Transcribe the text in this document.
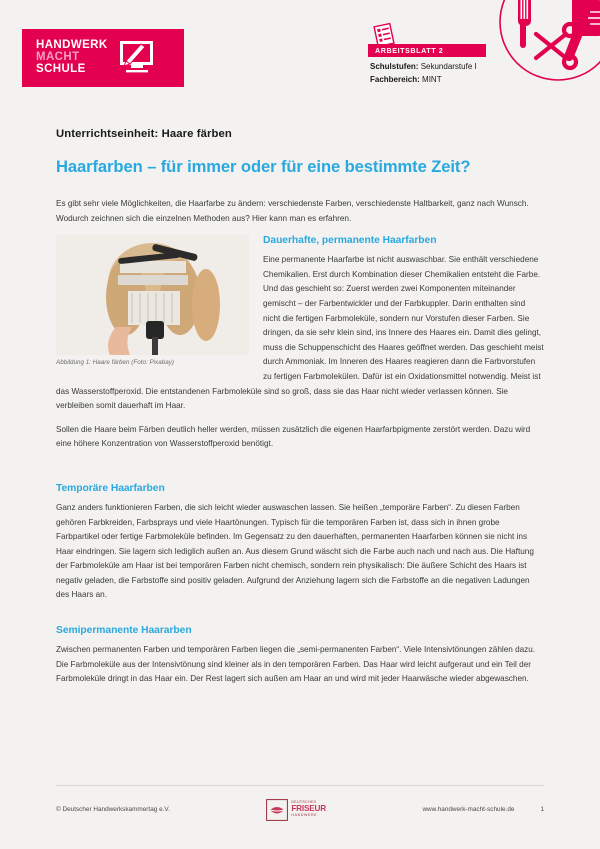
HANDWERK
MACHT
SCHULE
ARBEITSBLATT 2
Schulstufen: Sekundarstufe I
Fachbereich: MINT
Unterrichtseinheit: Haare färben
Haarfarben – für immer oder für eine bestimmte Zeit?

Es gibt sehr viele Möglichkeiten, die Haarfarbe zu ändern: verschiedenste Farben, verschiedenste Haltbarkeit, ganz nach Wunsch. Wodurch zeichnen sich die einzelnen Methoden aus? Hier kann man es erfahren.

Abbildung 1: Haare färben (Foto: Pixabay)
Dauerhafte, permanente Haarfarben

Eine permanente Haarfarbe ist nicht auswaschbar. Sie enthält verschiedene Chemikalien. Erst durch Kombination dieser Chemikalien entsteht die Farbe. Und das geschieht so: Zuerst werden zwei Komponenten miteinander gemischt – der Farbentwickler und der Farbkuppler. Darin enthalten sind nicht die fertigen Farbmoleküle, sondern nur Vorstufen dieser Farben. Sie dringen, da sie sehr klein sind, ins Innere des Haares ein. Damit dies gelingt, muss die Schuppenschicht des Haares geöffnet werden. Das geschieht meist durch Ammoniak. Im Inneren des Haares reagieren dann die Farbvorstufen zu fertigen Farbmolekülen. Dafür ist ein Oxidationsmittel notwendig. Meist ist das Wasserstoffperoxid. Die entstandenen Farbmoleküle sind so groß, dass sie das Haar nicht wieder verlassen können. Sie verbleiben somit dauerhaft im Haar.

Sollen die Haare beim Färben deutlich heller werden, müssen zusätzlich die eigenen Haarfarbpigmente zerstört werden. Dazu wird eine höhere Konzentration von Wasserstoffperoxid benötigt.

Temporäre Haarfarben

Ganz anders funktionieren Farben, die sich leicht wieder auswaschen lassen. Sie heißen „temporäre Farben“. Zu diesen Farben gehören Farbkreiden, Farbsprays und viele Haartönungen. Typisch für die temporären Farben ist, dass sich in ihnen grobe Farbpartikel oder fertige Farbmoleküle befinden. Im Gegensatz zu den dauerhaften, permanenten Haarfarben können sie nicht ins Haar eindringen. Sie lagern sich lediglich außen an. Aus diesem Grund wäscht sich die Farbe auch nach und nach aus. Die Haftung der Farbmoleküle am Haar ist bei temporären Farben nicht chemisch, sondern rein physikalisch: Die äußere Schicht des Haars ist negativ geladen, die Farbstoffe sind positiv geladen. Aufgrund der Anziehung lagern sich die Farbstoffe an die negativen Ladungen des Haars an.

Semipermanente Haararben

Zwischen permanenten Farben und temporären Farben liegen die „semi-permanenten Farben“. Viele Intensivtönungen zählen dazu. Die Farbmoleküle aus der Intensivtönung sind kleiner als in den temporären Farben. Das Haar wird leicht aufgeraut und ein Teil der Farbmoleküle dringt in das Haar ein. Der Rest lagert sich außen am Haar an und wird mit jeder Haarwäsche wieder abgewaschen.

© Deutscher Handwerkskammertag e.V.
DEUTSCHES
FRISEUR
HANDWERK
www.handwerk-macht-schule.de	1
